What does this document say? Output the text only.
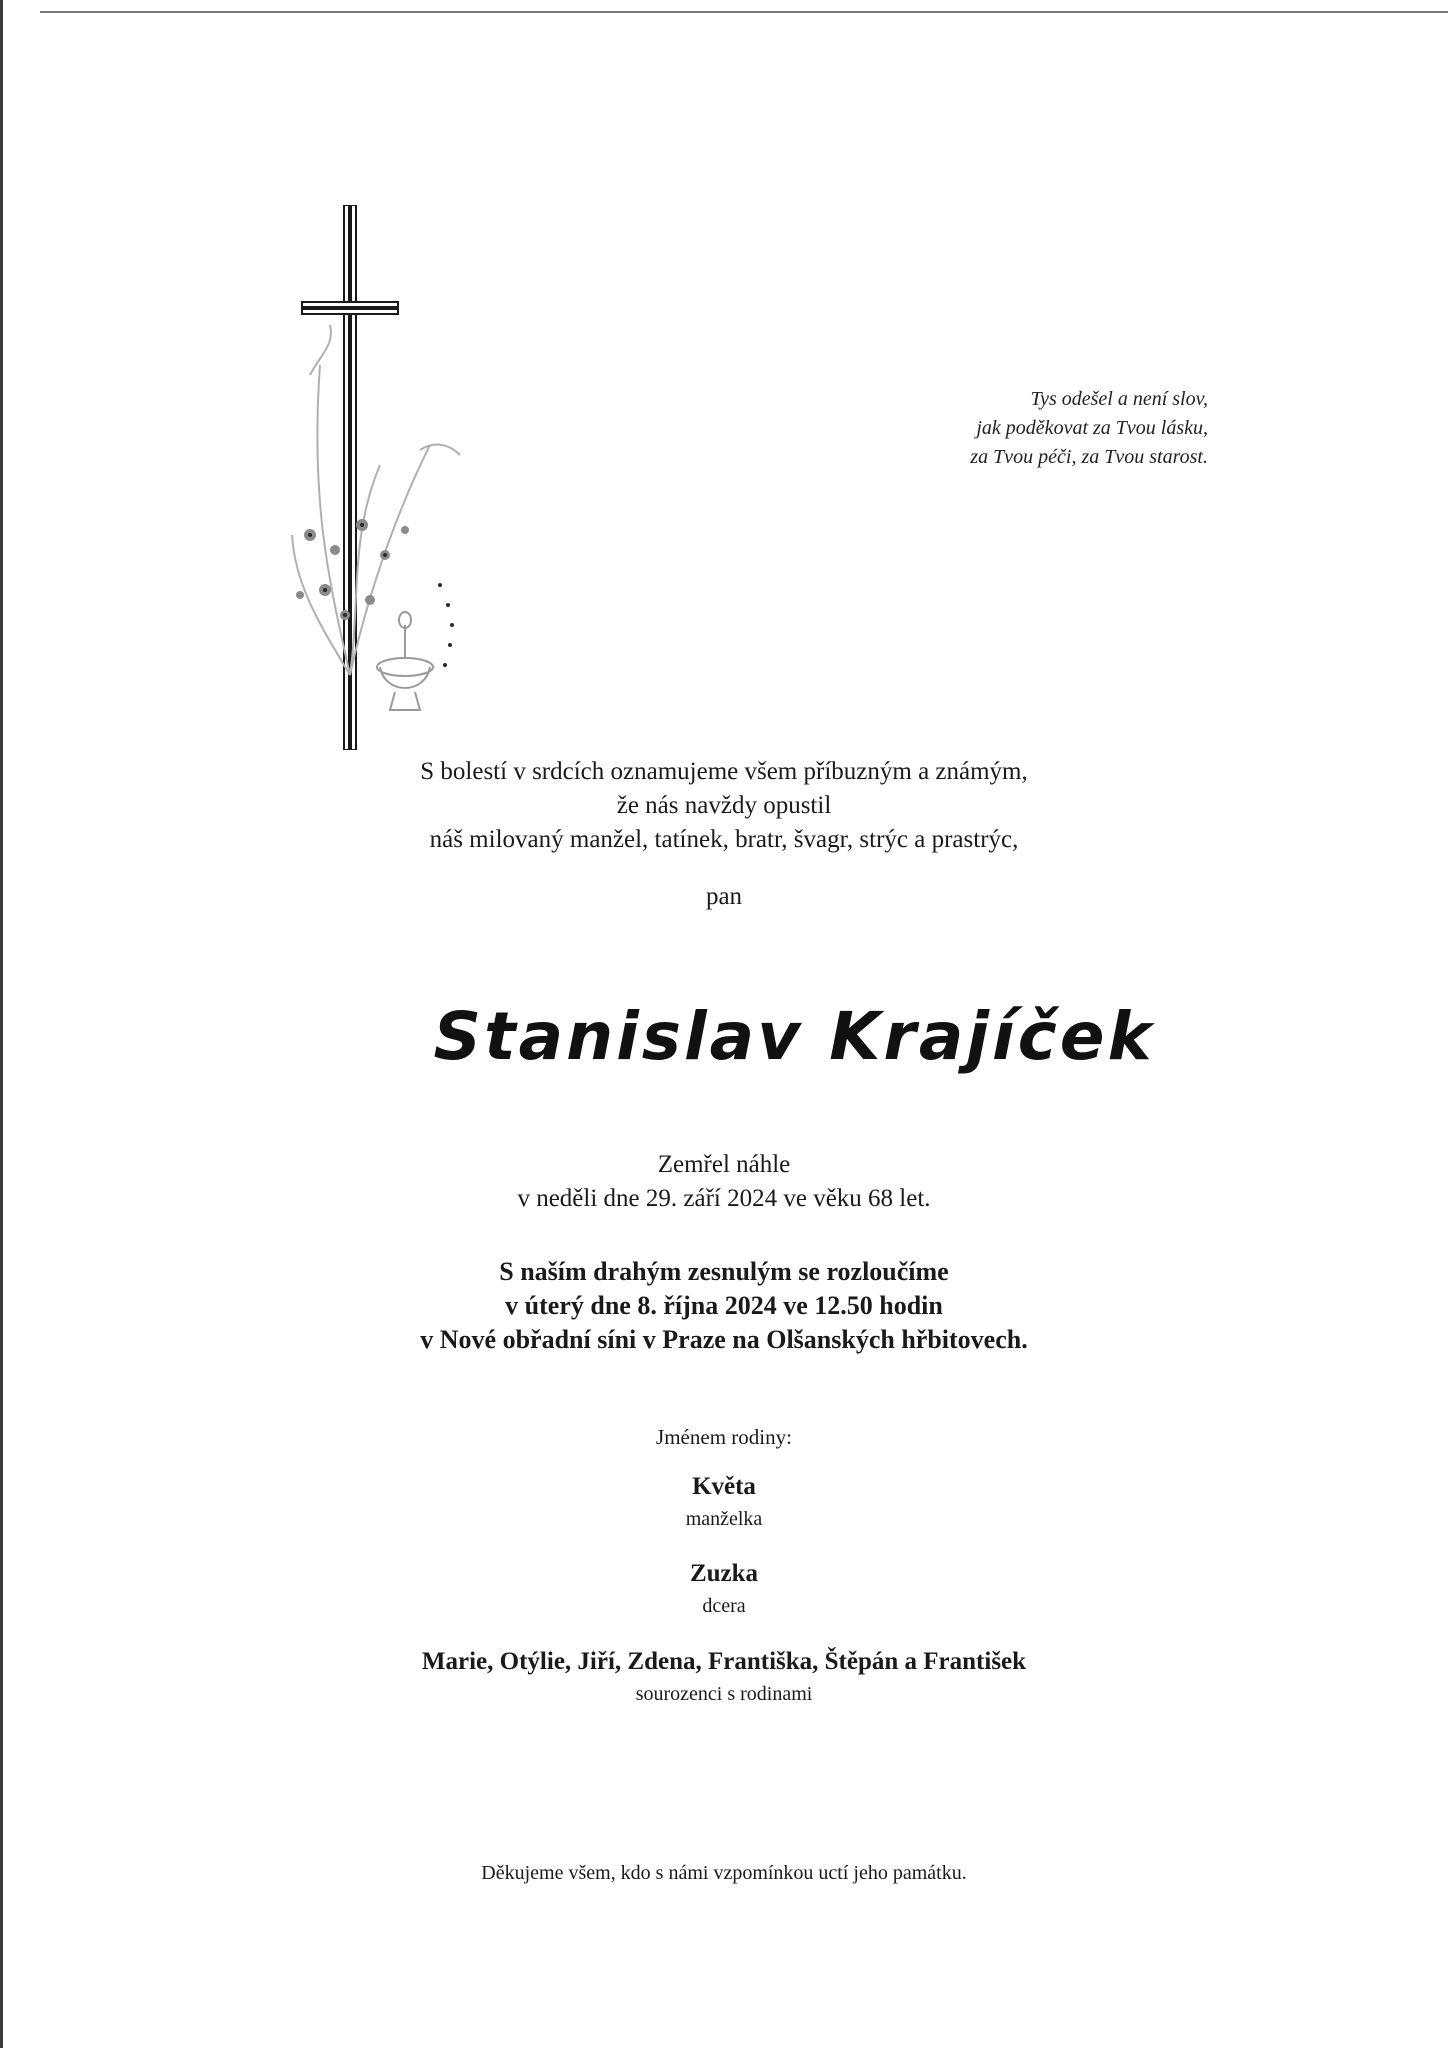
Tys odešel a není slov,
jak poděkovat za Tvou lásku,
za Tvou péči, za Tvou starost.
S bolestí v srdcích oznamujeme všem příbuzným a známým,
že nás navždy opustil
náš milovaný manžel, tatínek, bratr, švagr, strýc a prastrýc,
pan
Stanislav Krajíček
Zemřel náhle
v neděli dne 29. září 2024 ve věku 68 let.
S naším drahým zesnulým se rozloučíme
v úterý dne 8. října 2024 ve 12.50 hodin
v Nové obřadní síni v Praze na Olšanských hřbitovech.
Jménem rodiny:
Květa
manželka
Zuzka
dcera
Marie, Otýlie, Jiří, Zdena, Františka, Štěpán a František
sourozenci s rodinami
Děkujeme všem, kdo s námi vzpomínkou uctí jeho památku.
